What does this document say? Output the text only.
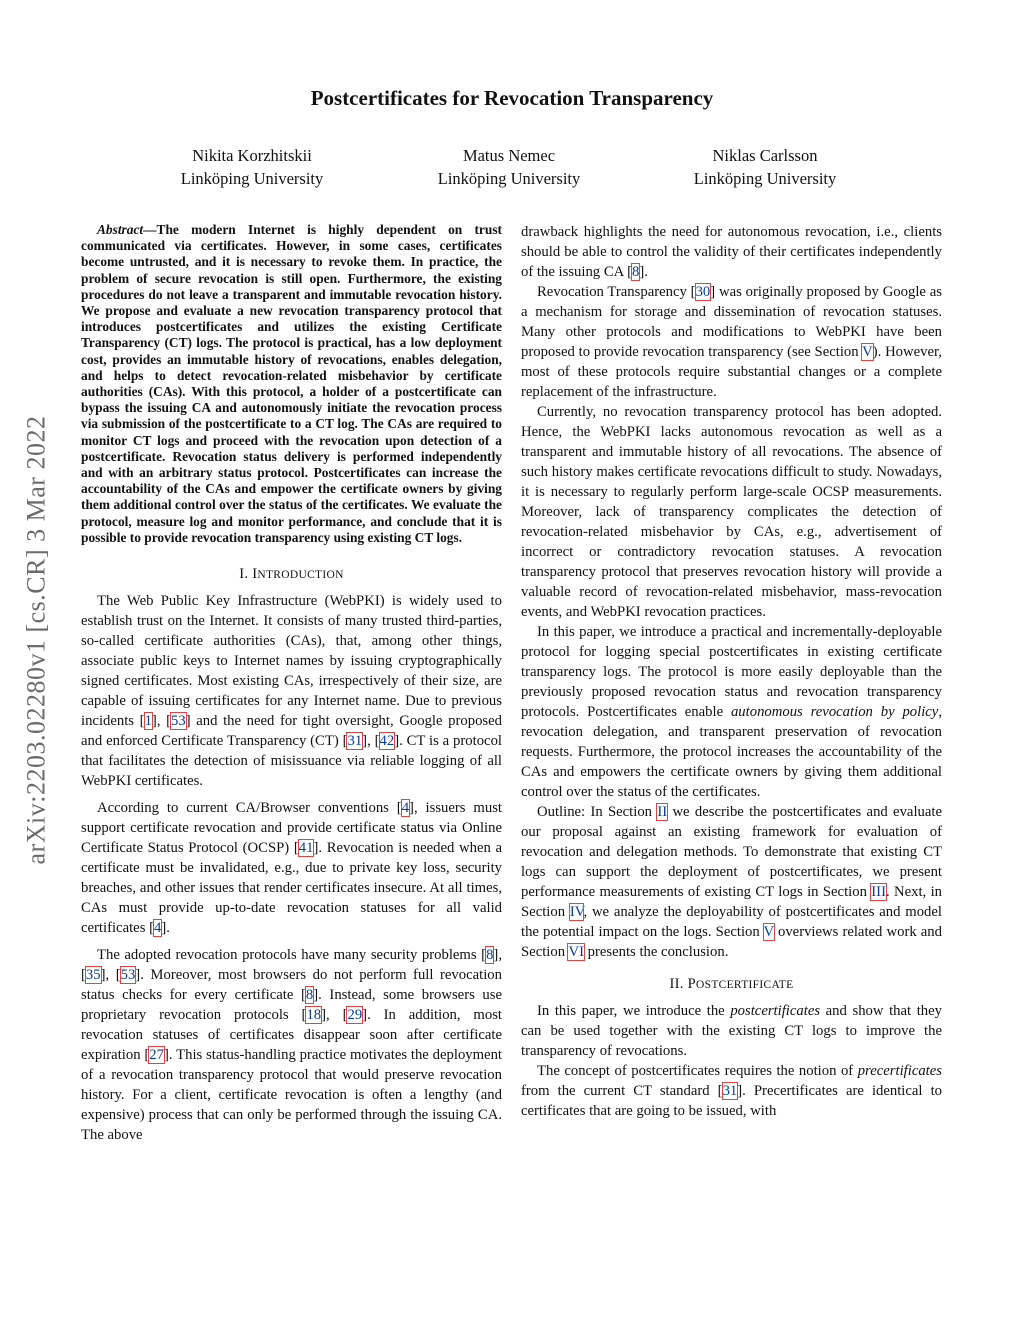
arXiv:2203.02280v1 [cs.CR] 3 Mar 2022
Postcertificates for Revocation Transparency
Nikita Korzhitskii
Linköping University
Matus Nemec
Linköping University
Niklas Carlsson
Linköping University

Abstract—The modern Internet is highly dependent on trust communicated via certificates. However, in some cases, certificates become untrusted, and it is necessary to revoke them. In practice, the problem of secure revocation is still open. Furthermore, the existing procedures do not leave a transparent and immutable revocation history. We propose and evaluate a new revocation transparency protocol that introduces postcertificates and utilizes the existing Certificate Transparency (CT) logs. The protocol is practical, has a low deployment cost, provides an immutable history of revocations, enables delegation, and helps to detect revocation-related misbehavior by certificate authorities (CAs). With this protocol, a holder of a postcertificate can bypass the issuing CA and autonomously initiate the revocation process via submission of the postcertificate to a CT log. The CAs are required to monitor CT logs and proceed with the revocation upon detection of a postcertificate. Revocation status delivery is performed independently and with an arbitrary status protocol. Postcertificates can increase the accountability of the CAs and empower the certificate owners by giving them additional control over the status of the certificates. We evaluate the protocol, measure log and monitor performance, and conclude that it is possible to provide revocation transparency using existing CT logs.

I. INTRODUCTION

The Web Public Key Infrastructure (WebPKI) is widely used to establish trust on the Internet. It consists of many trusted third-parties, so-called certificate authorities (CAs), that, among other things, associate public keys to Internet names by issuing cryptographically signed certificates. Most existing CAs, irrespectively of their size, are capable of issuing certificates for any Internet name. Due to previous incidents [1], [53] and the need for tight oversight, Google proposed and enforced Certificate Transparency (CT) [31], [42]. CT is a protocol that facilitates the detection of misissuance via reliable logging of all WebPKI certificates.

According to current CA/Browser conventions [4], issuers must support certificate revocation and provide certificate status via Online Certificate Status Protocol (OCSP) [41]. Revocation is needed when a certificate must be invalidated, e.g., due to private key loss, security breaches, and other issues that render certificates insecure. At all times, CAs must provide up-to-date revocation statuses for all valid certificates [4].

The adopted revocation protocols have many security problems [8], [35], [53]. Moreover, most browsers do not perform full revocation status checks for every certificate [8]. Instead, some browsers use proprietary revocation protocols [18], [29]. In addition, most revocation statuses of certificates disappear soon after certificate expiration [27]. This status-handling practice motivates the deployment of a revocation transparency protocol that would preserve revocation history. For a client, certificate revocation is often a lengthy (and expensive) process that can only be performed through the issuing CA. The above

drawback highlights the need for autonomous revocation, i.e., clients should be able to control the validity of their certificates independently of the issuing CA [8].

Revocation Transparency [30] was originally proposed by Google as a mechanism for storage and dissemination of revocation statuses. Many other protocols and modifications to WebPKI have been proposed to provide revocation transparency (see Section V). However, most of these protocols require substantial changes or a complete replacement of the infrastructure.

Currently, no revocation transparency protocol has been adopted. Hence, the WebPKI lacks autonomous revocation as well as a transparent and immutable history of all revocations. The absence of such history makes certificate revocations difficult to study. Nowadays, it is necessary to regularly perform large-scale OCSP measurements. Moreover, lack of transparency complicates the detection of revocation-related misbehavior by CAs, e.g., advertisement of incorrect or contradictory revocation statuses. A revocation transparency protocol that preserves revocation history will provide a valuable record of revocation-related misbehavior, mass-revocation events, and WebPKI revocation practices.

In this paper, we introduce a practical and incrementally-deployable protocol for logging special postcertificates in existing certificate transparency logs. The protocol is more easily deployable than the previously proposed revocation status and revocation transparency protocols. Postcertificates enable autonomous revocation by policy, revocation delegation, and transparent preservation of revocation requests. Furthermore, the protocol increases the accountability of the CAs and empowers the certificate owners by giving them additional control over the status of the certificates.

Outline: In Section II we describe the postcertificates and evaluate our proposal against an existing framework for evaluation of revocation and delegation methods. To demonstrate that existing CT logs can support the deployment of postcertificates, we present performance measurements of existing CT logs in Section III. Next, in Section IV, we analyze the deployability of postcertificates and model the potential impact on the logs. Section V overviews related work and Section VI presents the conclusion.

II. POSTCERTIFICATE

In this paper, we introduce the postcertificates and show that they can be used together with the existing CT logs to improve the transparency of revocations.

The concept of postcertificates requires the notion of precertificates from the current CT standard [31]. Precertificates are identical to certificates that are going to be issued, with
